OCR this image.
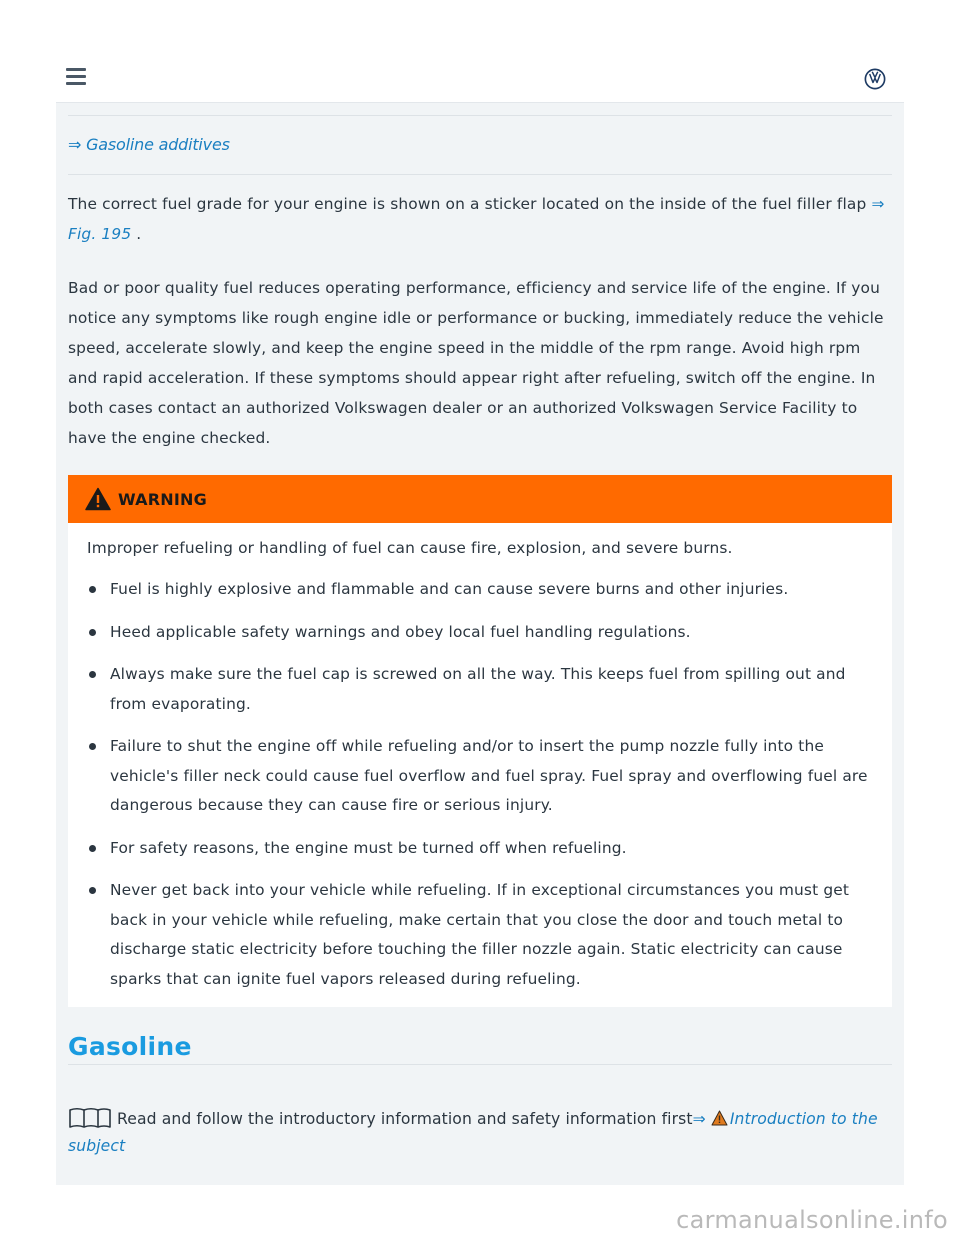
⇒ Gasoline additives

The correct fuel grade for your engine is shown on a sticker located on the inside of the fuel filler flap ⇒ Fig. 195 .

Bad or poor quality fuel reduces operating performance, efficiency and service life of the engine. If you notice any symptoms like rough engine idle or performance or bucking, immediately reduce the vehicle speed, accelerate slowly, and keep the engine speed in the middle of the rpm range. Avoid high rpm and rapid acceleration. If these symptoms should appear right after refueling, switch off the engine. In both cases contact an authorized Volkswagen dealer or an authorized Volkswagen Service Facility to have the engine checked.

WARNING

Improper refueling or handling of fuel can cause fire, explosion, and severe burns.

Fuel is highly explosive and flammable and can cause severe burns and other injuries.
Heed applicable safety warnings and obey local fuel handling regulations.
Always make sure the fuel cap is screwed on all the way. This keeps fuel from spilling out and from evaporating.
Failure to shut the engine off while refueling and/or to insert the pump nozzle fully into the vehicle's filler neck could cause fuel overflow and fuel spray. Fuel spray and overflowing fuel are dangerous because they can cause fire or serious injury.
For safety reasons, the engine must be turned off when refueling.
Never get back into your vehicle while refueling. If in exceptional circumstances you must get back in your vehicle while refueling, make certain that you close the door and touch metal to discharge static electricity before touching the filler nozzle again. Static electricity can cause sparks that can ignite fuel vapors released during refueling.
Gasoline
Read and follow the introductory information and safety information first⇒ Introduction to the subject
carmanualsonline.info
